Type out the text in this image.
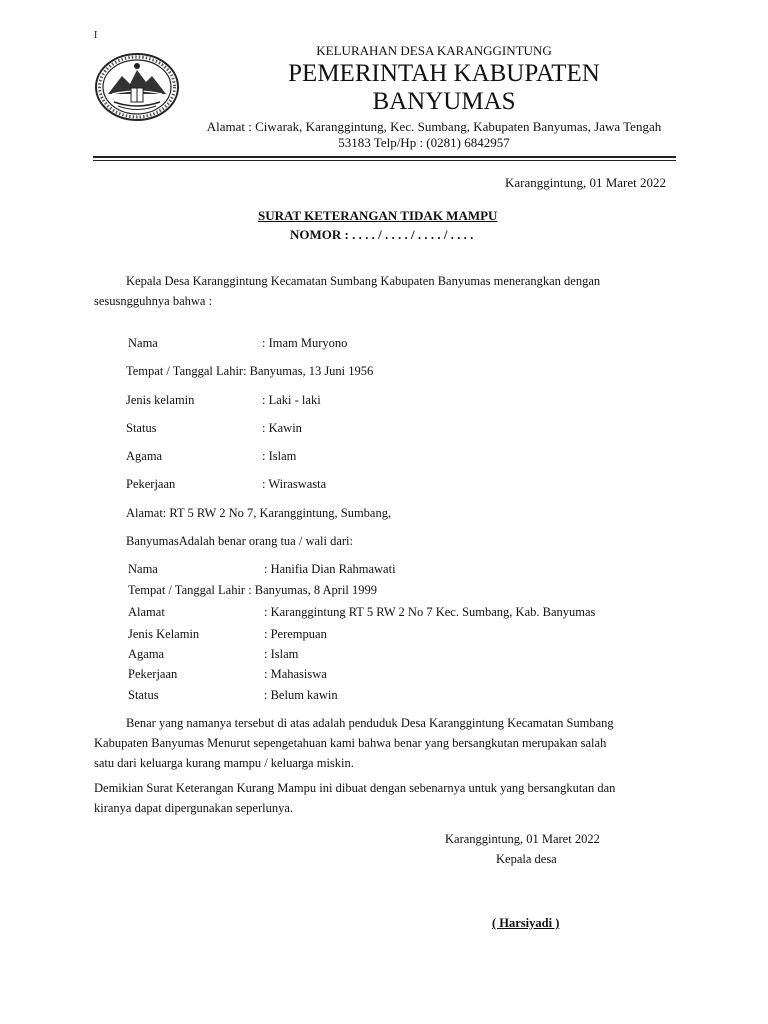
I
KELURAHAN DESA KARANGGINTUNG
PEMERINTAH KABUPATEN
BANYUMAS
Alamat : Ciwarak, Karanggintung, Kec. Sumbang, Kabupaten Banyumas, Jawa Tengah
53183 Telp/Hp : (0281) 6842957
Karanggintung, 01 Maret 2022
SURAT KETERANGAN TIDAK MAMPU
NOMOR : . . . . / . . . . / . . . . / . . . .
Kepala Desa Karanggintung Kecamatan Sumbang Kabupaten Banyumas menerangkan dengan
sesusngguhnya bahwa :
Nama	: Imam Muryono
Tempat / Tanggal Lahir: Banyumas, 13 Juni 1956
Jenis kelamin	: Laki - laki
Status	: Kawin
Agama	: Islam
Pekerjaan	: Wiraswasta
Alamat: RT 5 RW 2 No 7, Karanggintung, Sumbang,
BanyumasAdalah benar orang tua / wali dari:
Nama	: Hanifia Dian Rahmawati
Tempat / Tanggal Lahir : Banyumas, 8 April 1999
Alamat	: Karanggintung RT 5 RW 2 No 7 Kec. Sumbang, Kab. Banyumas
Jenis Kelamin	: Perempuan
Agama	: Islam
Pekerjaan	: Mahasiswa
Status	: Belum kawin
Benar yang namanya tersebut di atas adalah penduduk Desa Karanggintung Kecamatan Sumbang
Kabupaten Banyumas Menurut sepengetahuan kami bahwa benar yang bersangkutan merupakan salah
satu dari keluarga kurang mampu / keluarga miskin.
Demikian Surat Keterangan Kurang Mampu ini dibuat dengan sebenarnya untuk yang bersangkutan dan
kiranya dapat dipergunakan seperlunya.
Karanggintung, 01 Maret 2022
Kepala desa
( Harsiyadi )
